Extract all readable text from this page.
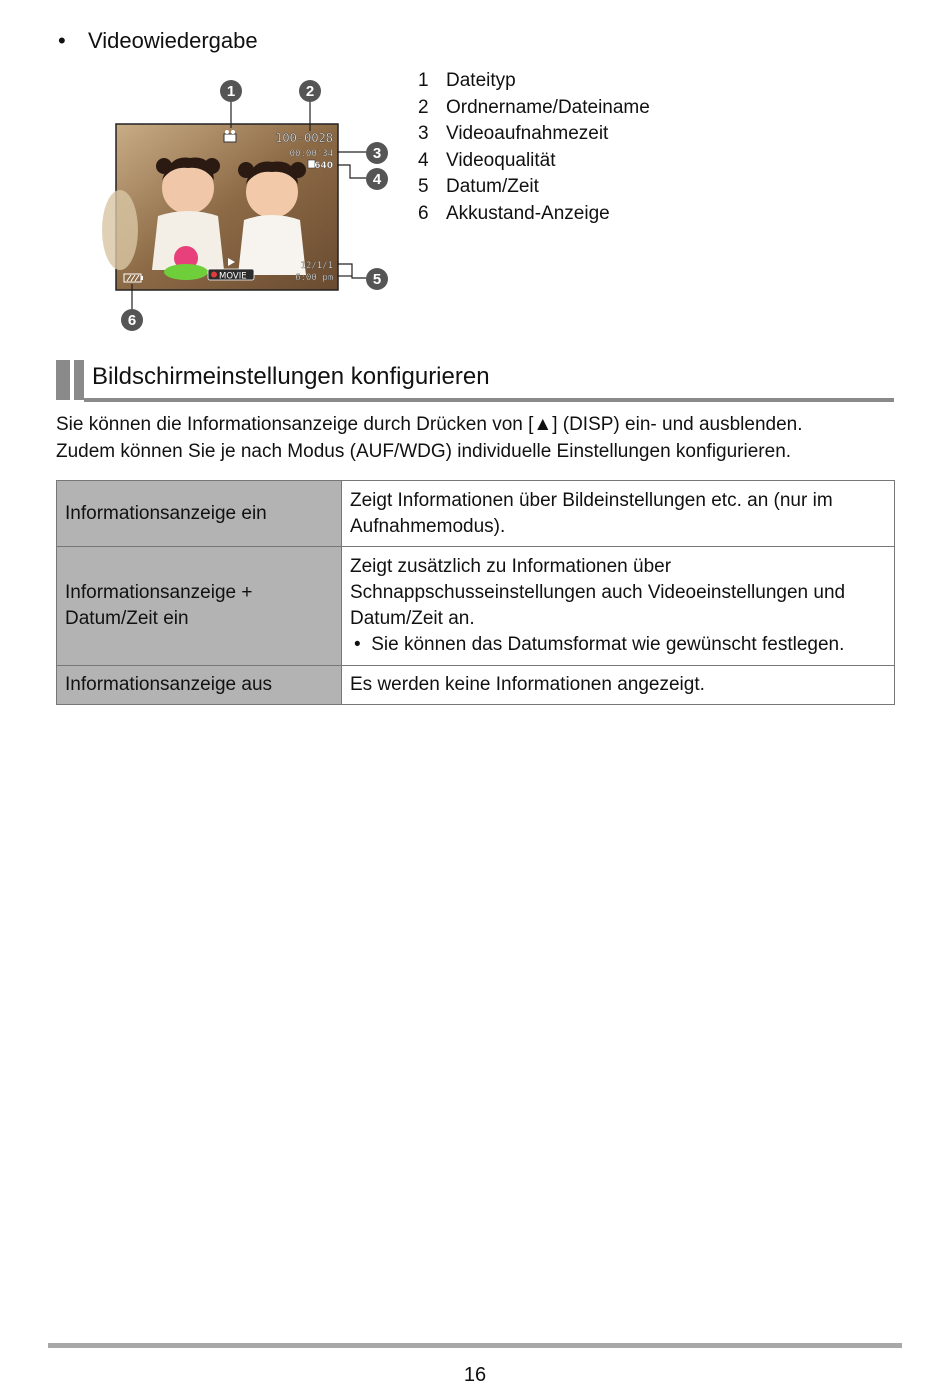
• Videowiedergabe
100-0028
00:00'34
640
MOVIE
12/1/1
6:00 pm
1	2
3
4
5
6
1 Dateityp
2 Ordnername/Dateiname
3 Videoaufnahmezeit
4 Videoqualität
5 Datum/Zeit
6 Akkustand-Anzeige
Bildschirmeinstellungen konfigurieren
Sie können die Informationsanzeige durch Drücken von [▲] (DISP) ein- und ausblenden.
Zudem können Sie je nach Modus (AUF/WDG) individuelle Einstellungen konfigurieren.
Informationsanzeige ein	Zeigt Informationen über Bildeinstellungen etc. an (nur im Aufnahmemodus).

Informationsanzeige + Datum/Zeit ein	Zeigt zusätzlich zu Informationen über Schnappschusseinstellungen auch Videoeinstellungen und Datum/Zeit an.
•  Sie können das Datumsformat wie gewünscht festlegen.

Informationsanzeige aus	Es werden keine Informationen angezeigt.
16
